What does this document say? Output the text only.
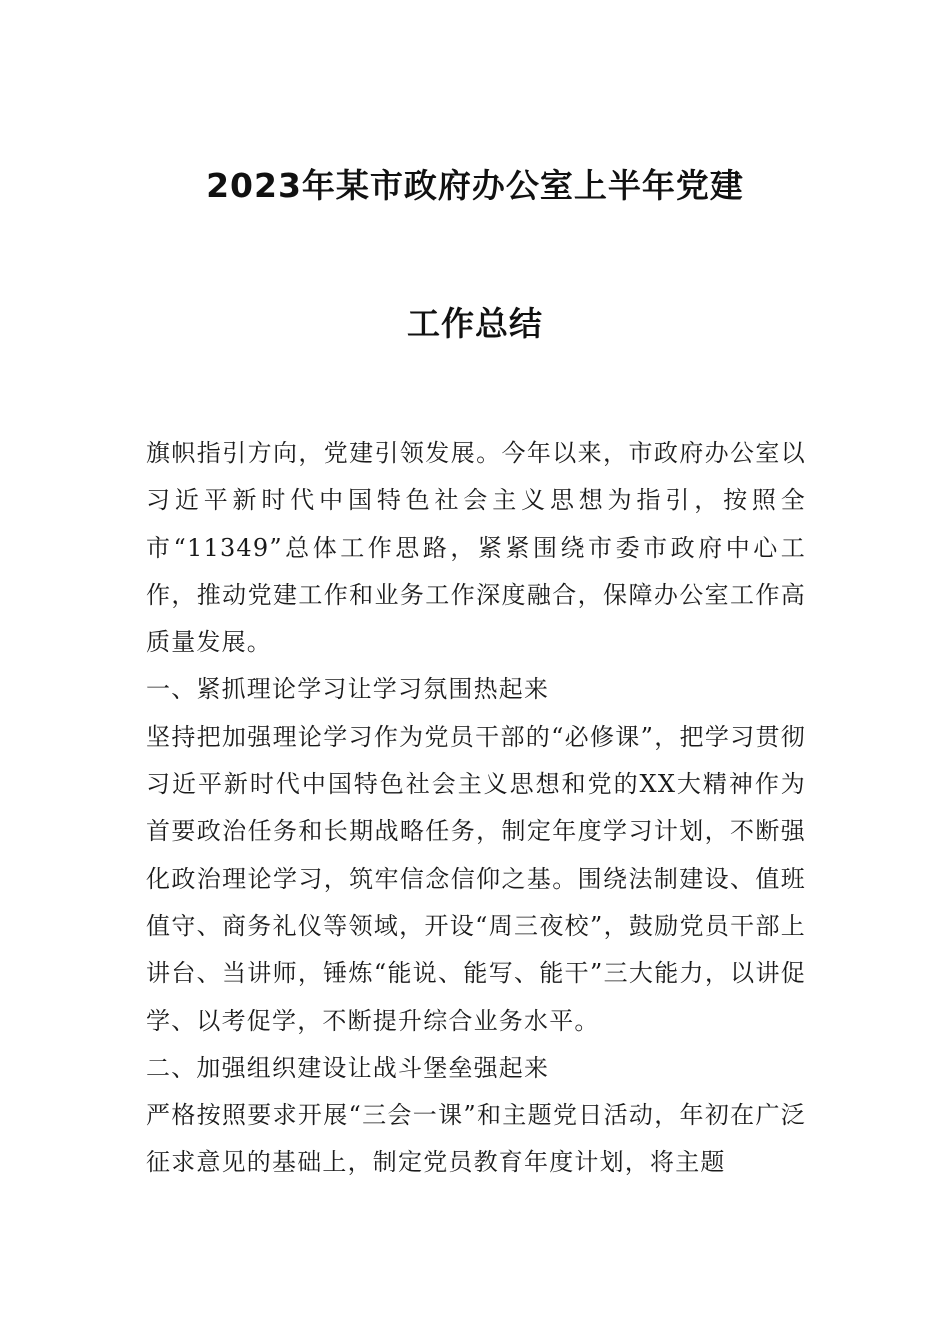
2023年某市政府办公室上半年党建
工作总结

旗帜指引方向，党建引领发展。今年以来，市政府办公室以习近平新时代中国特色社会主义思想为指引，按照全市“11349”总体工作思路，紧紧围绕市委市政府中心工作，推动党建工作和业务工作深度融合，保障办公室工作高质量发展。

一、紧抓理论学习让学习氛围热起来

坚持把加强理论学习作为党员干部的“必修课”，把学习贯彻习近平新时代中国特色社会主义思想和党的XX大精神作为首要政治任务和长期战略任务，制定年度学习计划，不断强化政治理论学习，筑牢信念信仰之基。围绕法制建设、值班值守、商务礼仪等领域，开设“周三夜校”，鼓励党员干部上讲台、当讲师，锤炼“能说、能写、能干”三大能力，以讲促学、以考促学，不断提升综合业务水平。

二、加强组织建设让战斗堡垒强起来

严格按照要求开展“三会一课”和主题党日活动，年初在广泛征求意见的基础上，制定党员教育年度计划，将主题
